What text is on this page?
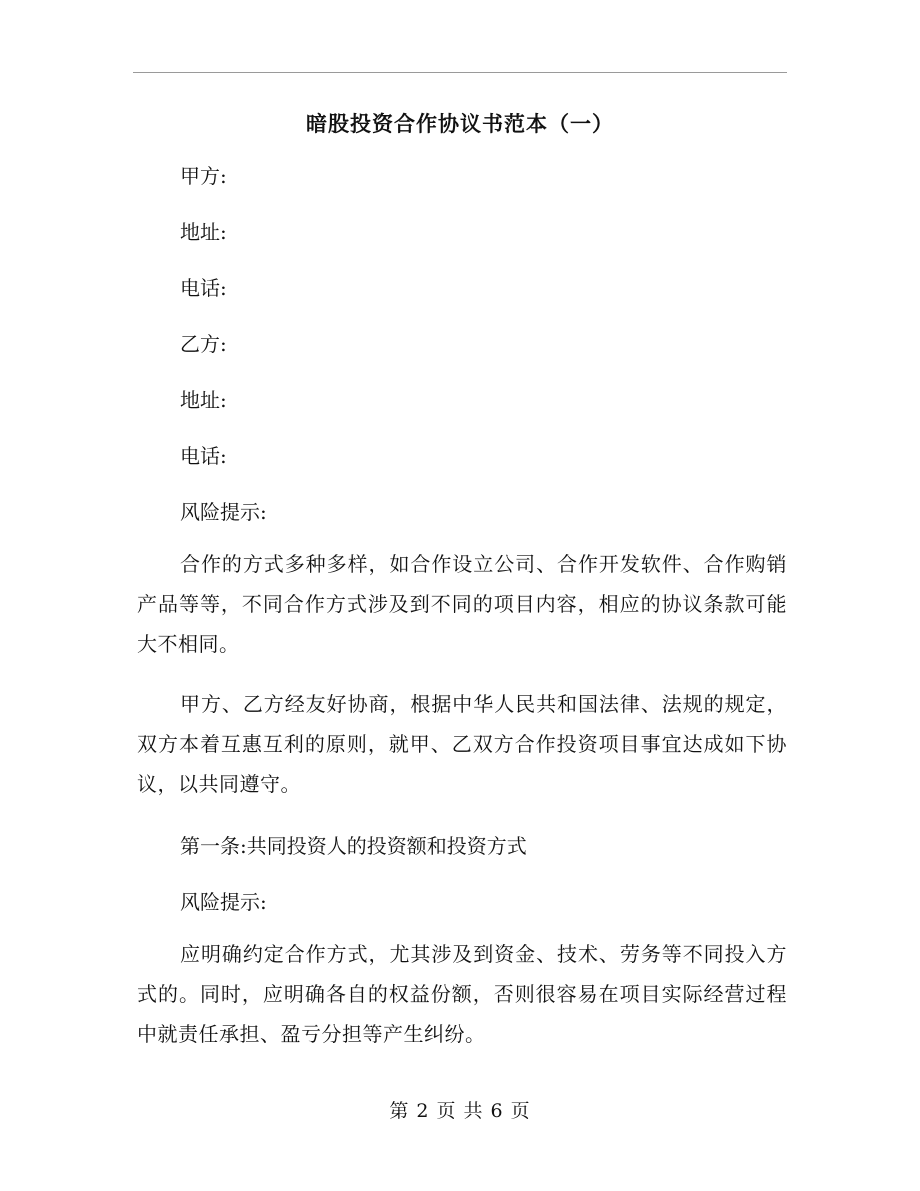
暗股投资合作协议书范本（一）
甲方:
地址:
电话:
乙方:
地址:
电话:
风险提示:
合作的方式多种多样，如合作设立公司、合作开发软件、合作购销产品等等，不同合作方式涉及到不同的项目内容，相应的协议条款可能大不相同。
甲方、乙方经友好协商，根据中华人民共和国法律、法规的规定，双方本着互惠互利的原则，就甲、乙双方合作投资项目事宜达成如下协议，以共同遵守。
第一条:共同投资人的投资额和投资方式
风险提示:
应明确约定合作方式，尤其涉及到资金、技术、劳务等不同投入方式的。同时，应明确各自的权益份额，否则很容易在项目实际经营过程中就责任承担、盈亏分担等产生纠纷。
第 2 页 共 6 页
